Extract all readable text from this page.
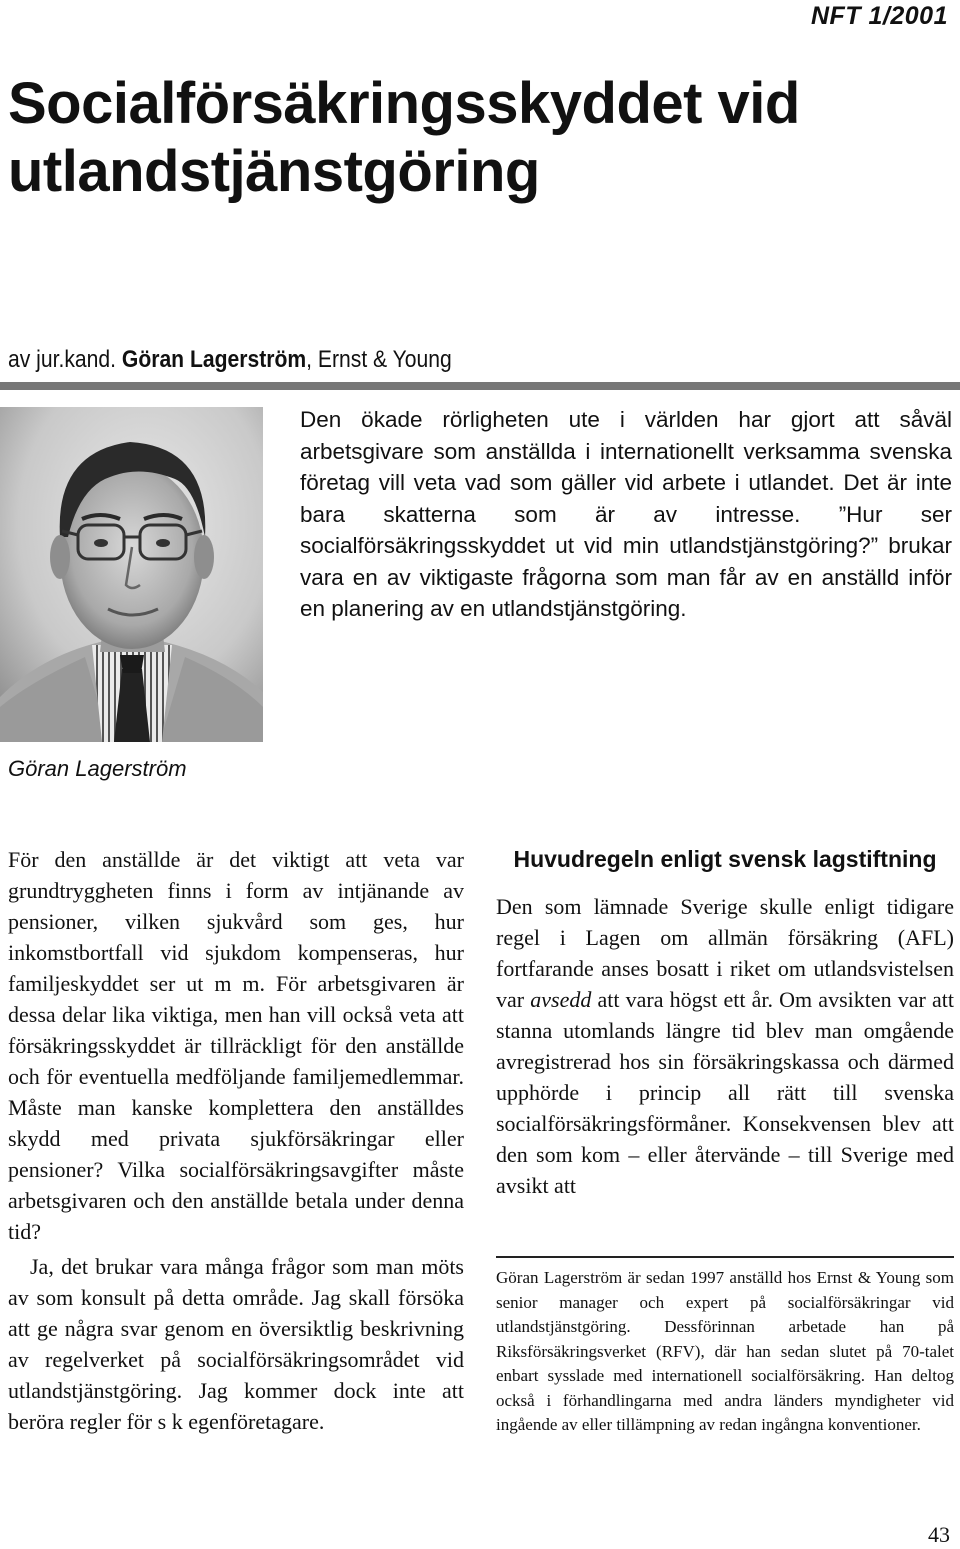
NFT 1/2001
Socialförsäkringsskyddet vid utlandstjänstgöring
av jur.kand. Göran Lagerström, Ernst & Young
Göran Lagerström

Den ökade rörligheten ute i världen har gjort att såväl arbetsgivare som anställda i internationellt verksamma svenska företag vill veta vad som gäller vid arbete i utlandet. Det är inte bara skatterna som är av intresse. ”Hur ser socialförsäkringsskyddet ut vid min utlandstjänstgöring?” brukar vara en av viktigaste frågorna som man får av en anställd inför en planering av en utlandstjänstgöring.

För den anställde är det viktigt att veta var grundtryggheten finns i form av intjänande av pensioner, vilken sjukvård som ges, hur inkomstbortfall vid sjukdom kompenseras, hur familjeskyddet ser ut m m. För arbetsgivaren är dessa delar lika viktiga, men han vill också veta att försäkringsskyddet är tillräckligt för den anställde och för eventuella medföljande familjemedlemmar. Måste man kanske komplettera den anställdes skydd med privata sjukförsäkringar eller pensioner? Vilka socialförsäkringsavgifter måste arbetsgivaren och den anställde betala under denna tid?

Ja, det brukar vara många frågor som man möts av som konsult på detta område. Jag skall försöka att ge några svar genom en översiktlig beskrivning av regelverket på socialförsäkringsområdet vid utlandstjänstgöring. Jag kommer dock inte att beröra regler för s k egenföretagare.

Huvudregeln enligt svensk lagstiftning

Den som lämnade Sverige skulle enligt tidigare regel i Lagen om allmän försäkring (AFL) fortfarande anses bosatt i riket om utlandsvistelsen var avsedd att vara högst ett år. Om avsikten var att stanna utomlands längre tid blev man omgående avregistrerad hos sin försäkringskassa och därmed upphörde i princip all rätt till svenska socialförsäkringsförmåner. Konsekvensen blev att den som kom – eller återvände – till Sverige med avsikt att

Göran Lagerström är sedan 1997 anställd hos Ernst & Young som senior manager och expert på socialförsäkringar vid utlandstjänstgöring. Dessförinnan arbetade han på Riksförsäkringsverket (RFV), där han sedan slutet på 70-talet enbart sysslade med internationell socialförsäkring. Han deltog också i förhandlingarna med andra länders myndigheter vid ingående av eller tillämpning av redan ingångna konventioner.

43
